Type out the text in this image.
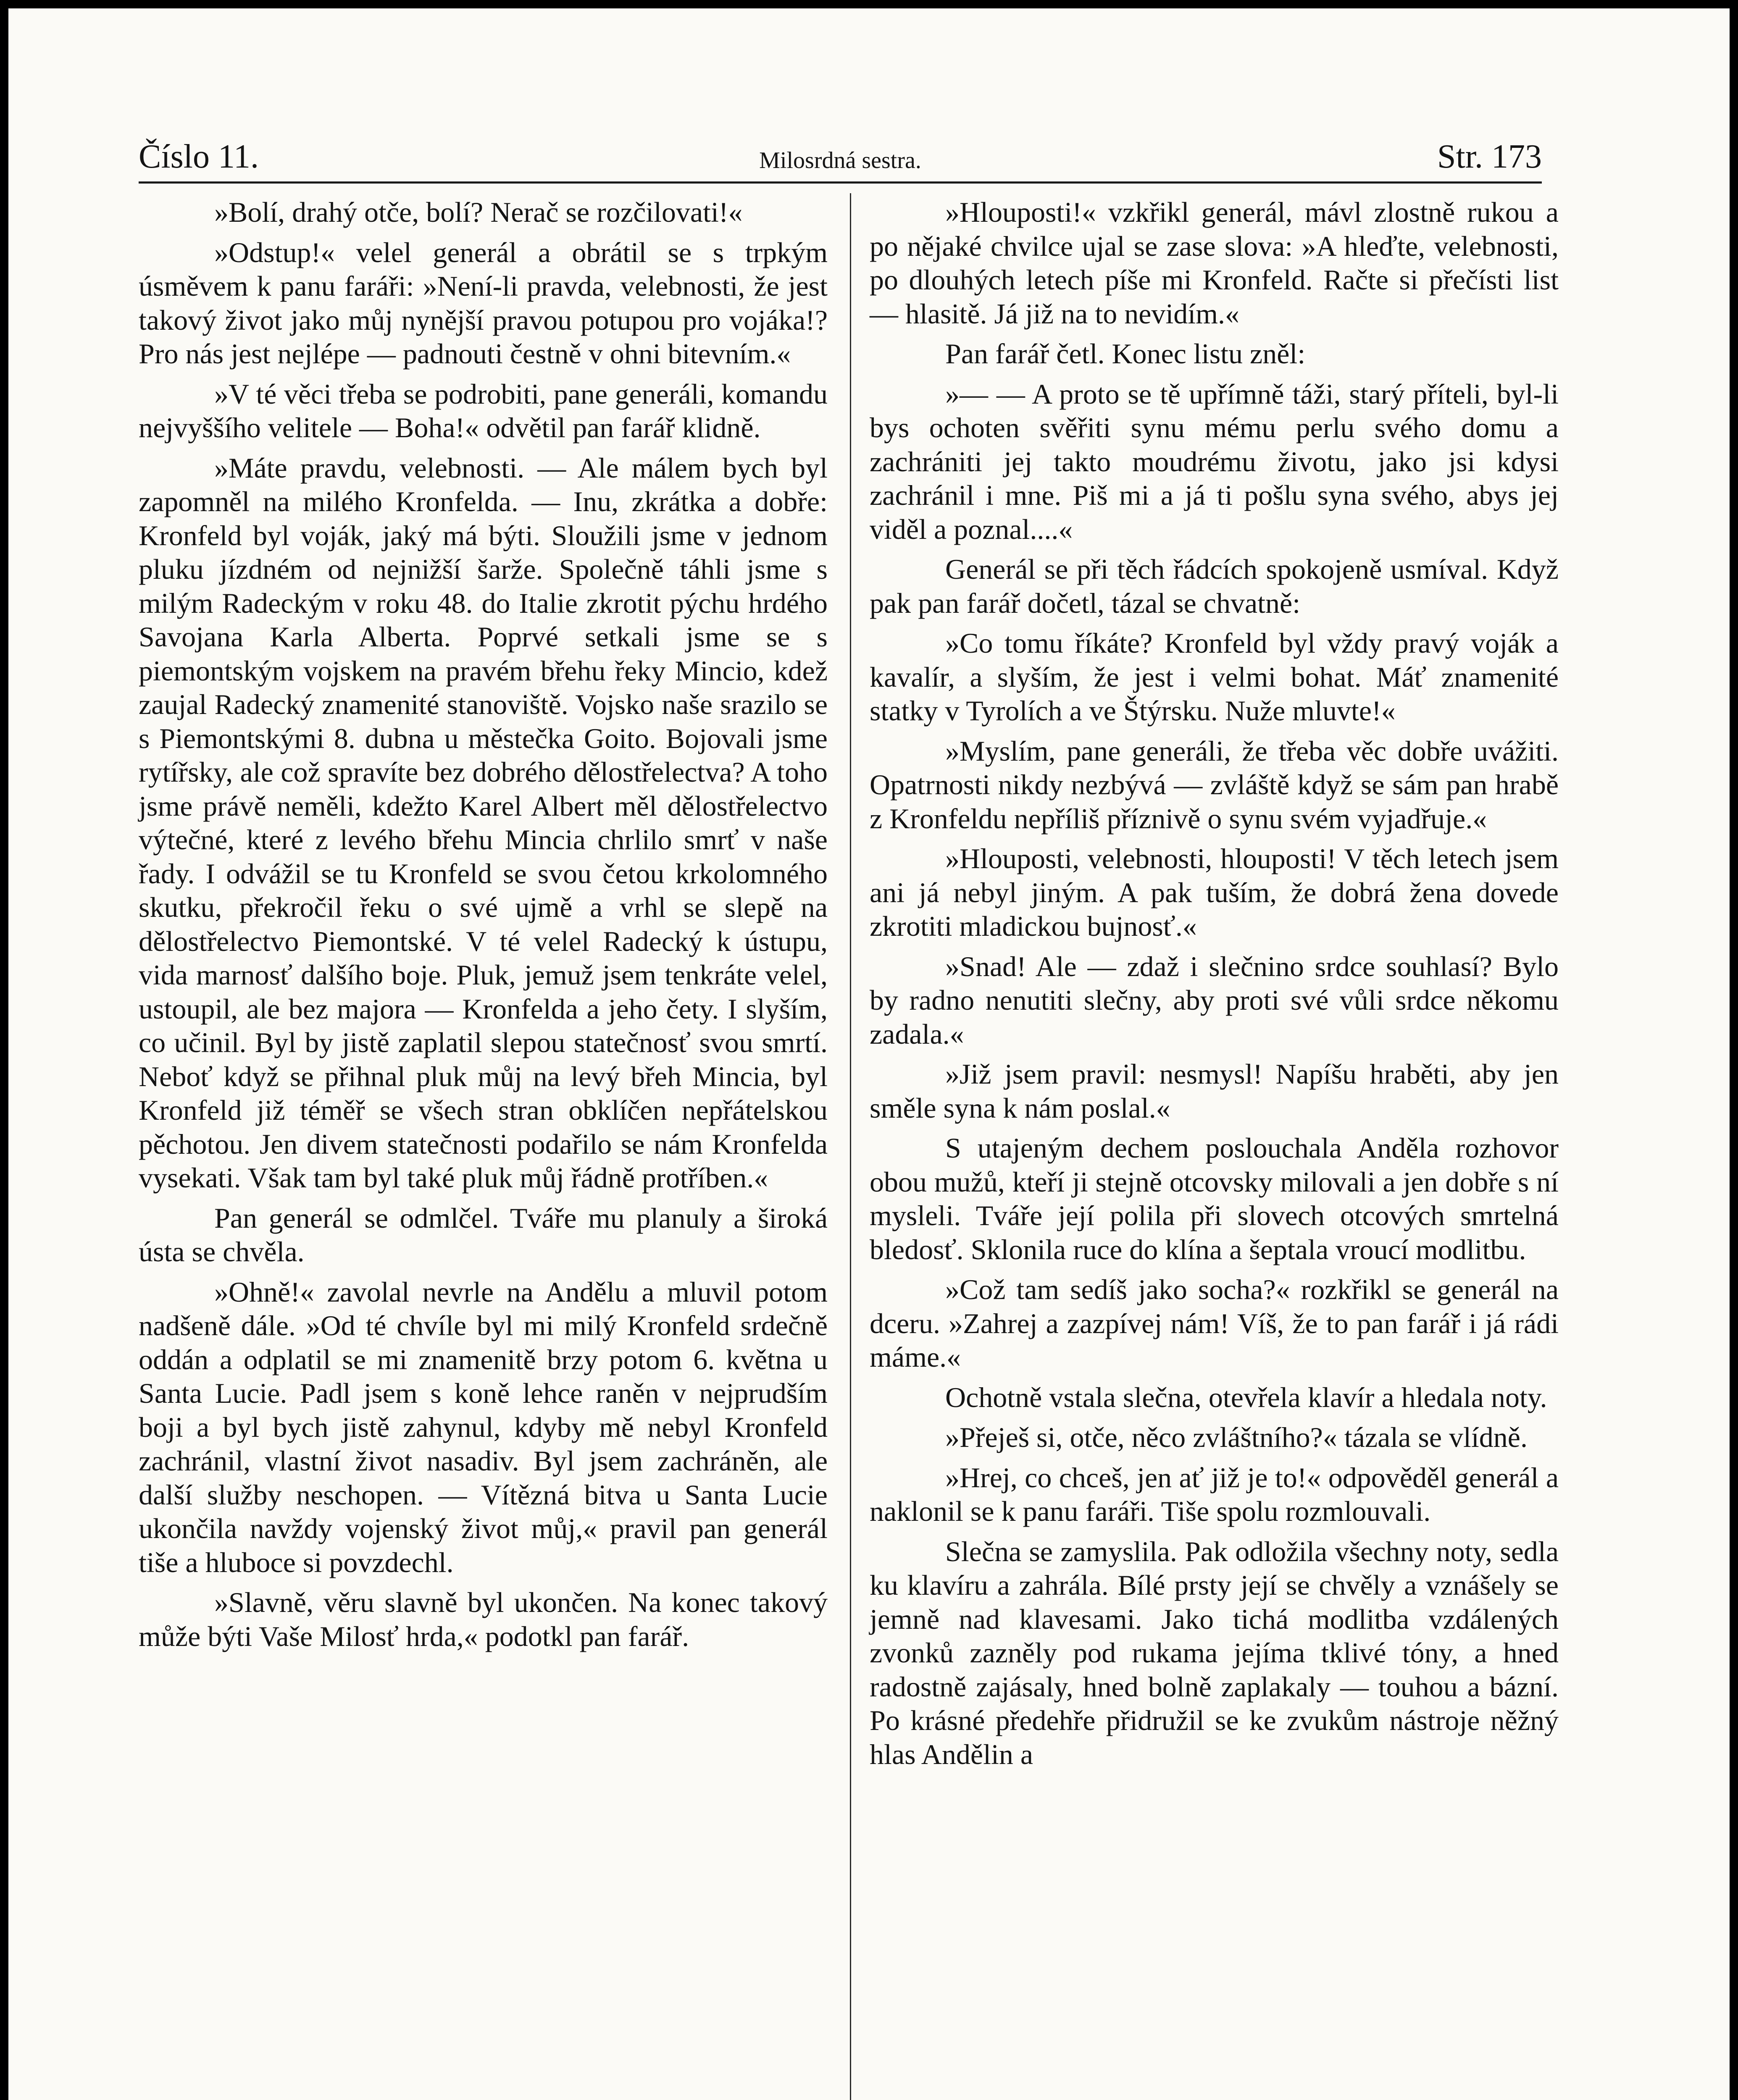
Číslo 11.	Milosrdná sestra.	Str. 173

»Bolí, drahý otče, bolí? Nerač se rozčilovati!«

»Odstup!« velel generál a obrátil se s trpkým úsměvem k panu faráři: »Není-li pravda, velebnosti, že jest takový život jako můj nynější pravou potupou pro vojáka!? Pro nás jest nejlépe — padnouti čestně v ohni bitevním.«

»V té věci třeba se podrobiti, pane generáli, komandu nejvyššího velitele — Boha!« odvětil pan farář klidně.

»Máte pravdu, velebnosti. — Ale málem bych byl zapomněl na milého Kronfelda. — Inu, zkrátka a dobře: Kronfeld byl voják, jaký má býti. Sloužili jsme v jednom pluku jízdném od nejnižší šarže. Společně táhli jsme s milým Radeckým v roku 48. do Italie zkrotit pýchu hrdého Savojana Karla Alberta. Poprvé setkali jsme se s piemontským vojskem na pravém břehu řeky Mincio, kdež zaujal Radecký znamenité stanoviště. Vojsko naše srazilo se s Piemontskými 8. dubna u městečka Goito. Bojovali jsme rytířsky, ale což spravíte bez dobrého dělostřelectva? A toho jsme právě neměli, kdežto Karel Albert měl dělostřelectvo výtečné, které z levého břehu Mincia chrlilo smrť v naše řady. I odvážil se tu Kronfeld se svou četou krkolomného skutku, překročil řeku o své ujmě a vrhl se slepě na dělostřelectvo Piemontské. V té velel Radecký k ústupu, vida marnosť dalšího boje. Pluk, jemuž jsem tenkráte velel, ustoupil, ale bez majora — Kronfelda a jeho čety. I slyším, co učinil. Byl by jistě zaplatil slepou statečnosť svou smrtí. Neboť když se přihnal pluk můj na levý břeh Mincia, byl Kronfeld již téměř se všech stran obklíčen nepřátelskou pěchotou. Jen divem statečnosti podařilo se nám Kronfelda vysekati. Však tam byl také pluk můj řádně protříben.«

Pan generál se odmlčel. Tváře mu planuly a široká ústa se chvěla.

»Ohně!« zavolal nevrle na Andělu a mluvil potom nadšeně dále. »Od té chvíle byl mi milý Kronfeld srdečně oddán a odplatil se mi znamenitě brzy potom 6. května u Santa Lucie. Padl jsem s koně lehce raněn v nejprudším boji a byl bych jistě zahynul, kdyby mě nebyl Kronfeld zachránil, vlastní život nasadiv. Byl jsem zachráněn, ale další služby neschopen. — Vítězná bitva u Santa Lucie ukončila navždy vojenský život můj,« pravil pan generál tiše a hluboce si povzdechl.

»Slavně, věru slavně byl ukončen. Na konec takový může býti Vaše Milosť hrda,« podotkl pan farář.

»Hlouposti!« vzkřikl generál, mávl zlostně rukou a po nějaké chvilce ujal se zase slova: »A hleďte, velebnosti, po dlouhých letech píše mi Kronfeld. Račte si přečísti list — hlasitě. Já již na to nevidím.«

Pan farář četl. Konec listu zněl:

»— — A proto se tě upřímně táži, starý příteli, byl-li bys ochoten svěřiti synu mému perlu svého domu a zachrániti jej takto moudrému životu, jako jsi kdysi zachránil i mne. Piš mi a já ti pošlu syna svého, abys jej viděl a poznal....«

Generál se při těch řádcích spokojeně usmíval. Když pak pan farář dočetl, tázal se chvatně:

»Co tomu říkáte? Kronfeld byl vždy pravý voják a kavalír, a slyším, že jest i velmi bohat. Máť znamenité statky v Tyrolích a ve Štýrsku. Nuže mluvte!«

»Myslím, pane generáli, že třeba věc dobře uvážiti. Opatrnosti nikdy nezbývá — zvláště když se sám pan hrabě z Kronfeldu nepříliš příznivě o synu svém vyjadřuje.«

»Hlouposti, velebnosti, hlouposti! V těch letech jsem ani já nebyl jiným. A pak tuším, že dobrá žena dovede zkrotiti mladickou bujnosť.«

»Snad! Ale — zdaž i slečnino srdce souhlasí? Bylo by radno nenutiti slečny, aby proti své vůli srdce někomu zadala.«

»Již jsem pravil: nesmysl! Napíšu hraběti, aby jen směle syna k nám poslal.«

S utajeným dechem poslouchala Anděla rozhovor obou mužů, kteří ji stejně otcovsky milovali a jen dobře s ní mysleli. Tváře její polila při slovech otcových smrtelná bledosť. Sklonila ruce do klína a šeptala vroucí modlitbu.

»Což tam sedíš jako socha?« rozkřikl se generál na dceru. »Zahrej a zazpívej nám! Víš, že to pan farář i já rádi máme.«

Ochotně vstala slečna, otevřela klavír a hledala noty.

»Přeješ si, otče, něco zvláštního?« tázala se vlídně.

»Hrej, co chceš, jen ať již je to!« odpověděl generál a naklonil se k panu faráři. Tiše spolu rozmlouvali.

Slečna se zamyslila. Pak odložila všechny noty, sedla ku klavíru a zahrála. Bílé prsty její se chvěly a vznášely se jemně nad klavesami. Jako tichá modlitba vzdálených zvonků zazněly pod rukama jejíma tklivé tóny, a hned radostně zajásaly, hned bolně zaplakaly — touhou a bázní. Po krásné předehře přidružil se ke zvukům nástroje něžný hlas Andělin a
